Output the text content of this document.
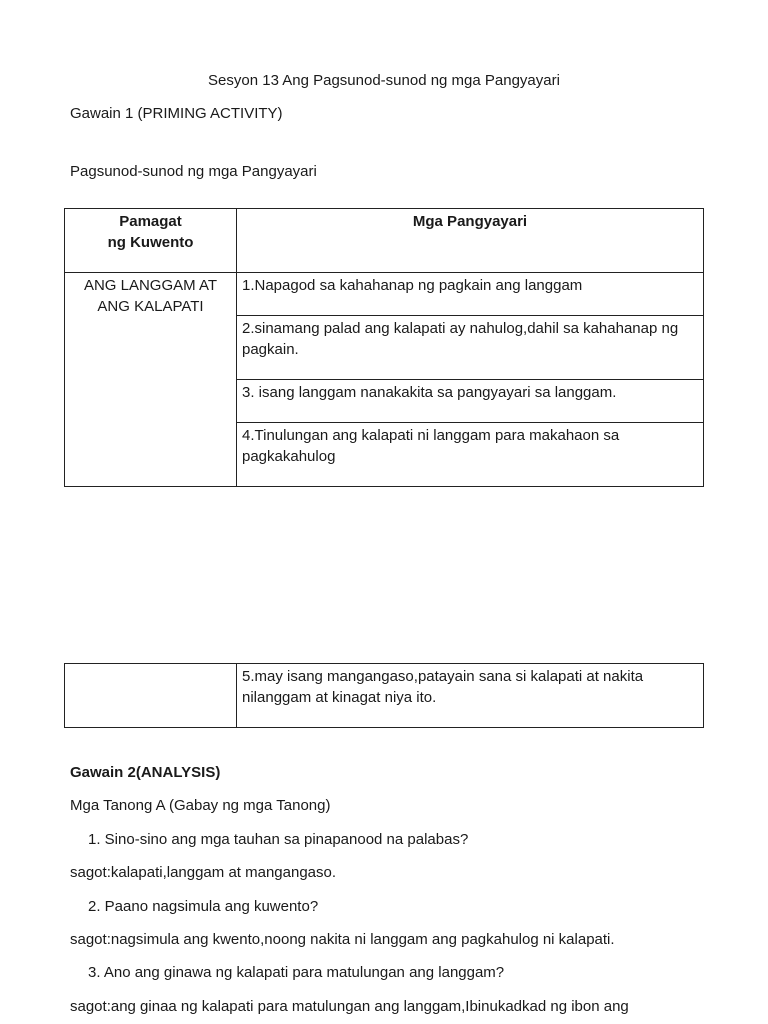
Sesyon 13 Ang Pagsunod-sunod ng mga Pangyayari
Gawain 1 (PRIMING ACTIVITY)
Pagsunod-sunod ng mga Pangyayari
Pamagat
ng Kuwento	Mga Pangyayari

ANG LANGGAM AT
ANG KALAPATI	1.Napagod sa kahahanap ng pagkain ang langgam
	2.sinamang palad ang kalapati ay nahulog,dahil sa kahahanap ng pagkain.
	3. isang langgam nanakakita sa pangyayari sa langgam.
	4.Tinulungan ang kalapati ni langgam para makahaon sa pagkakahulog
	5.may isang mangangaso,patayain sana si kalapati at nakita nilanggam at kinagat niya ito.
Gawain 2(ANALYSIS)
Mga Tanong A (Gabay ng mga Tanong)
1. Sino-sino ang mga tauhan sa pinapanood na palabas?
sagot:kalapati,langgam at mangangaso.
2. Paano nagsimula ang kuwento?
sagot:nagsimula ang kwento,noong nakita ni langgam ang pagkahulog ni kalapati.
3. Ano ang ginawa ng kalapati para matulungan ang langgam?
sagot:ang ginaa ng kalapati para matulungan ang langgam,Ibinukadkad ng ibon ang
